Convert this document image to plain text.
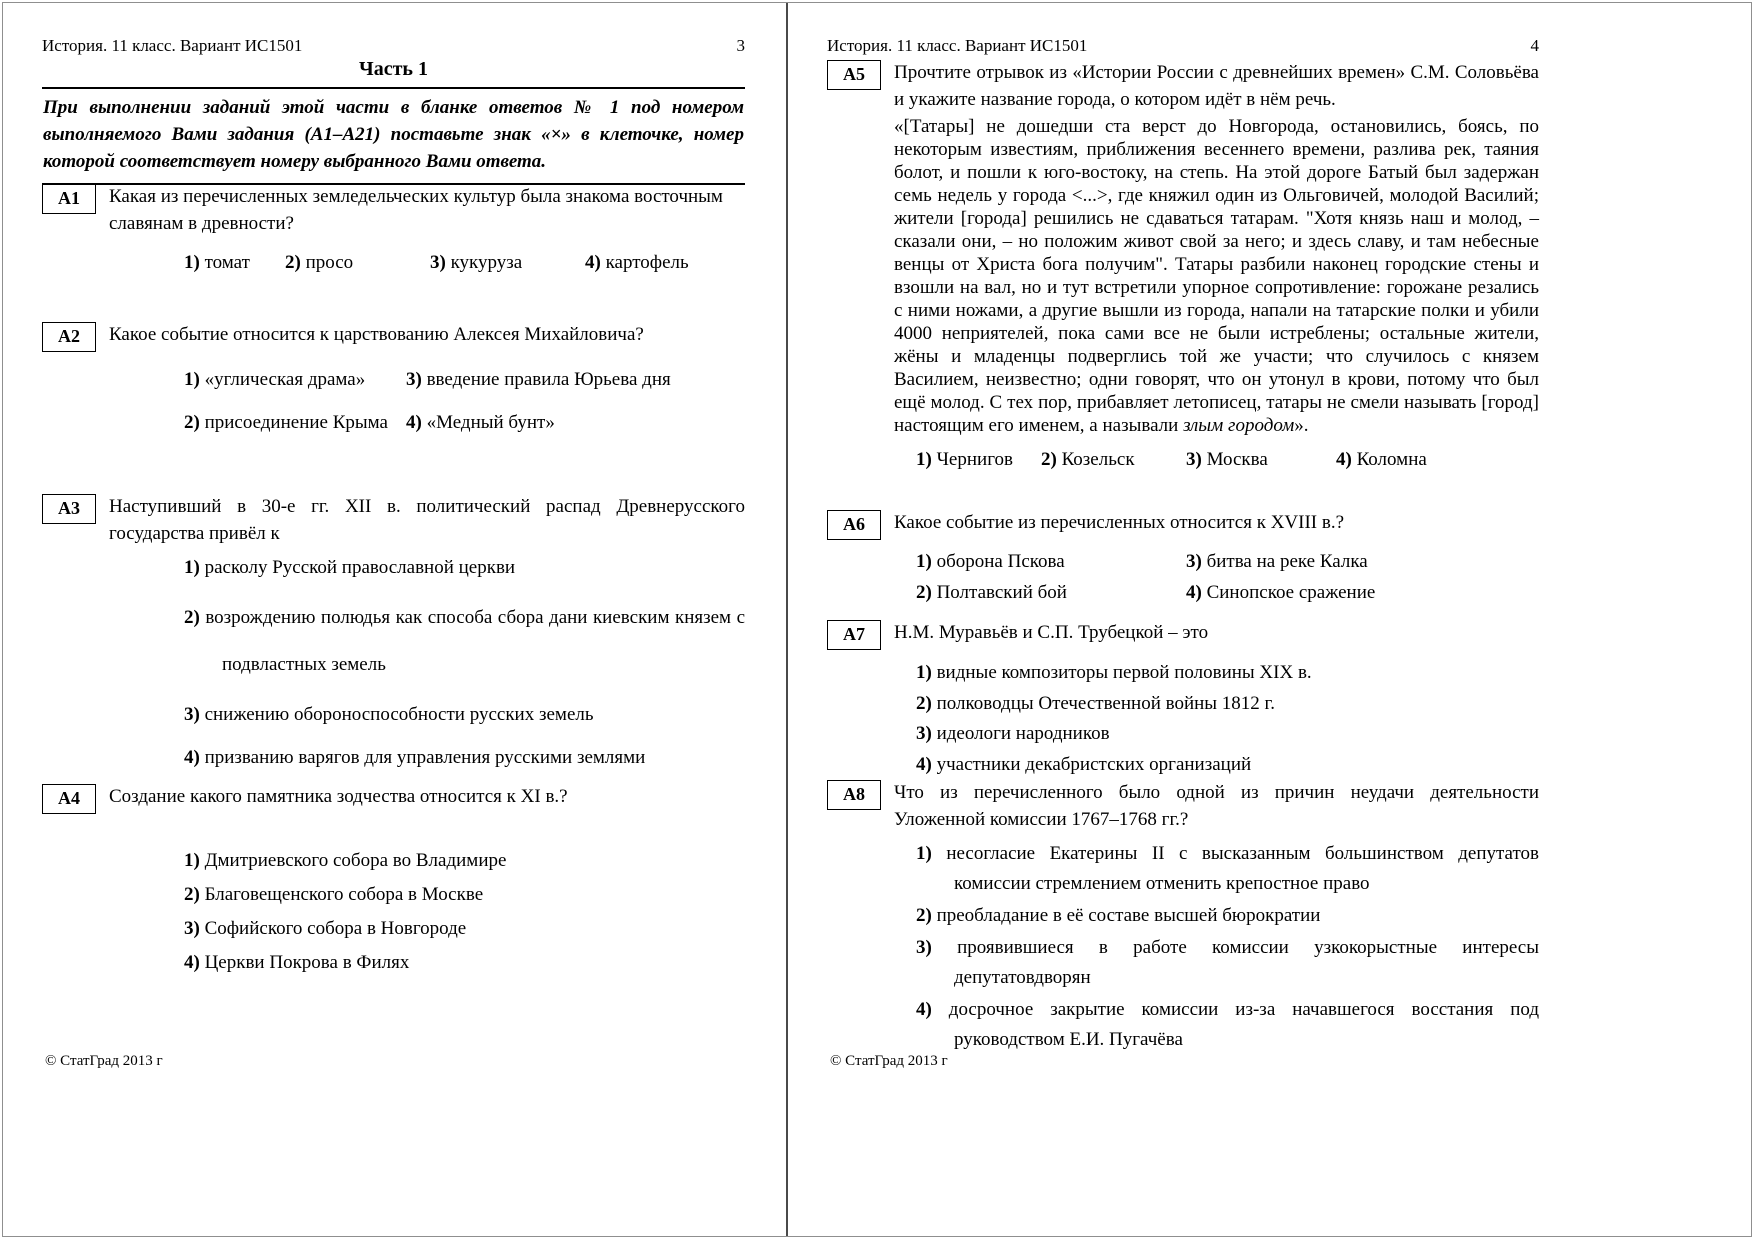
История. 11 класс. Вариант ИС1501	3
Часть 1
При выполнении заданий этой части в бланке ответов № 1 под номером выполняемого Вами задания (А1–А21) поставьте знак «×» в клеточке, номер которой соответствует номеру выбранного Вами ответа.
А1	Какая из перечисленных земледельческих культур была знакома восточным славянам в древности?
1) томат	2) просо	3) кукуруза	4) картофель
А2	Какое событие относится к царствованию Алексея Михайловича?
1) «углическая драма»	3) введение правила Юрьева дня
2) присоединение Крыма 4) «Медный бунт»
А3	Наступивший в 30-е гг. XII в. политический распад Древнерусского государства привёл к
1) расколу Русской православной церкви
2) возрождению полюдья как способа сбора дани киевским князем с подвластных земель
3) снижению обороноспособности русских земель
4) призванию варягов для управления русскими землями
А4	Создание какого памятника зодчества относится к XI в.?
1) Дмитриевского собора во Владимире
2) Благовещенского собора в Москве
3) Софийского собора в Новгороде
4) Церкви Покрова в Филях
© СтатГрад 2013 г
История. 11 класс. Вариант ИС1501	4
А5	Прочтите отрывок из «Истории России с древнейших времен» С.М. Соловьёва и укажите название города, о котором идёт в нём речь.
«[Татары] не дошедши ста верст до Новгорода, остановились, боясь, по некоторым известиям, приближения весеннего времени, разлива рек, таяния болот, и пошли к юго-востоку, на степь. На этой дороге Батый был задержан семь недель у города <...>, где княжил один из Ольговичей, молодой Василий; жители [города] решились не сдаваться татарам. "Хотя князь наш и молод, – сказали они, – но положим живот свой за него; и здесь славу, и там небесные венцы от Христа бога получим". Татары разбили наконец городские стены и взошли на вал, но и тут встретили упорное сопротивление: горожане резались с ними ножами, а другие вышли из города, напали на татарские полки и убили 4000 неприятелей, пока сами все не были истреблены; остальные жители, жёны и младенцы подверглись той же участи; что случилось с князем Василием, неизвестно; одни говорят, что он утонул в крови, потому что был ещё молод. С тех пор, прибавляет летописец, татары не смели называть [город] настоящим его именем, а называли злым городом».
1) Чернигов	2) Козельск	3) Москва	4) Коломна
А6	Какое событие из перечисленных относится к XVIII в.?
1) оборона Пскова	3) битва на реке Калка
2) Полтавский бой	4) Синопское сражение
А7	Н.М. Муравьёв и С.П. Трубецкой – это
1) видные композиторы первой половины XIX в.
2) полководцы Отечественной войны 1812 г.
3) идеологи народников
4) участники декабристских организаций
А8	Что из перечисленного было одной из причин неудачи деятельности Уложенной комиссии 1767–1768 гг.?
1) несогласие Екатерины II с высказанным большинством депутатов комиссии стремлением отменить крепостное право
2) преобладание в её составе высшей бюрократии
3) проявившиеся в работе комиссии узкокорыстные интересы депутатовдворян
4) досрочное закрытие комиссии из-за начавшегося восстания под руководством Е.И. Пугачёва
© СтатГрад 2013 г
